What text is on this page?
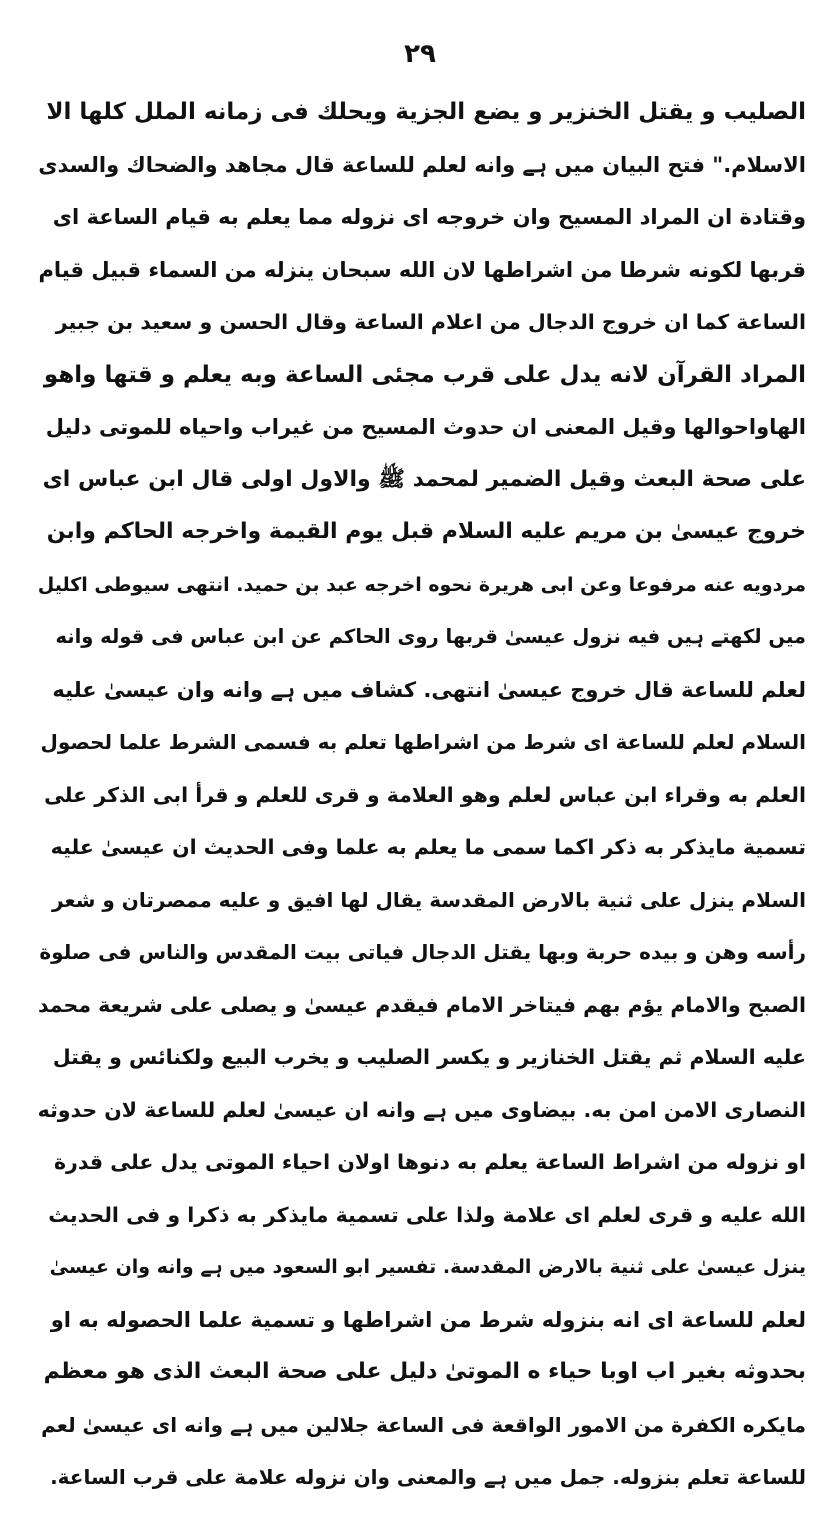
۲۹
الصليب و يقتل الخنزير و يضع الجزية ويحلك فى زمانه الملل كلها الا
الاسلام." فتح البيان میں ہے وانه لعلم للساعة قال مجاهد والضحاك والسدى
وقتادة ان المراد المسيح وان خروجه اى نزوله مما يعلم به قيام الساعة اى
قربها لكونه شرطا من اشراطها لان الله سبحان ينزله من السماء قبيل قيام
الساعة كما ان خروج الدجال من اعلام الساعة وقال الحسن و سعيد بن جبير
المراد القرآن لانه يدل على قرب مجئى الساعة وبه يعلم و قتها واهو
الهاواحوالها وقيل المعنى ان حدوث المسيح من غيراب واحياه للموتى دليل
على صحة البعث وقيل الضمير لمحمد ﷺ والاول اولى قال ابن عباس اى
خروج عيسىٰ بن مريم عليه السلام قبل يوم القيمة واخرجه الحاكم وابن
مردويه عنه مرفوعا وعن ابى هريرة نحوه اخرجه عبد بن حميد. انتهى سيوطى اكليل
میں لکھتے ہیں فيه نزول عيسىٰ قربها روى الحاكم عن ابن عباس فى قوله وانه
لعلم للساعة قال خروج عيسىٰ انتهى. كشاف میں ہے وانه وان عيسىٰ عليه
السلام لعلم للساعة اى شرط من اشراطها تعلم به فسمى الشرط علما لحصول
العلم به وقراء ابن عباس لعلم وهو العلامة و قرى للعلم و قرأ ابى الذكر على
تسمية مايذكر به ذكر اكما سمى ما يعلم به علما وفى الحديث ان عيسىٰ عليه
السلام ينزل على ثنية بالارض المقدسة يقال لها افيق و عليه ممصرتان و شعر
رأسه وهن و بيده حربة وبها يقتل الدجال فياتى بيت المقدس والناس فى صلوة
الصبح والامام يؤم بهم فيتاخر الامام فيقدم عيسىٰ و يصلى على شريعة محمد
عليه السلام ثم يقتل الخنازير و يكسر الصليب و يخرب البيع ولكنائس و يقتل
النصارى الامن امن به. بيضاوى میں ہے وانه ان عيسىٰ لعلم للساعة لان حدوثه
او نزوله من اشراط الساعة يعلم به دنوها اولان احياء الموتى يدل على قدرة
الله عليه و قرى لعلم اى علامة ولذا على تسمية مايذكر به ذكرا و فى الحديث
ينزل عيسىٰ على ثنية بالارض المقدسة. تفسير ابو السعود میں ہے وانه وان عيسىٰ
لعلم للساعة اى انه بنزوله شرط من اشراطها و تسمية علما الحصوله به او
بحدوثه بغير اب اوبا حياء ه الموتىٰ دليل على صحة البعث الذى هو معظم
مايكره الكفرة من الامور الواقعة فى الساعة جلالين میں ہے وانه اى عيسىٰ لعم
للساعة تعلم بنزوله. جمل میں ہے والمعنى وان نزوله علامة على قرب الساعة.
